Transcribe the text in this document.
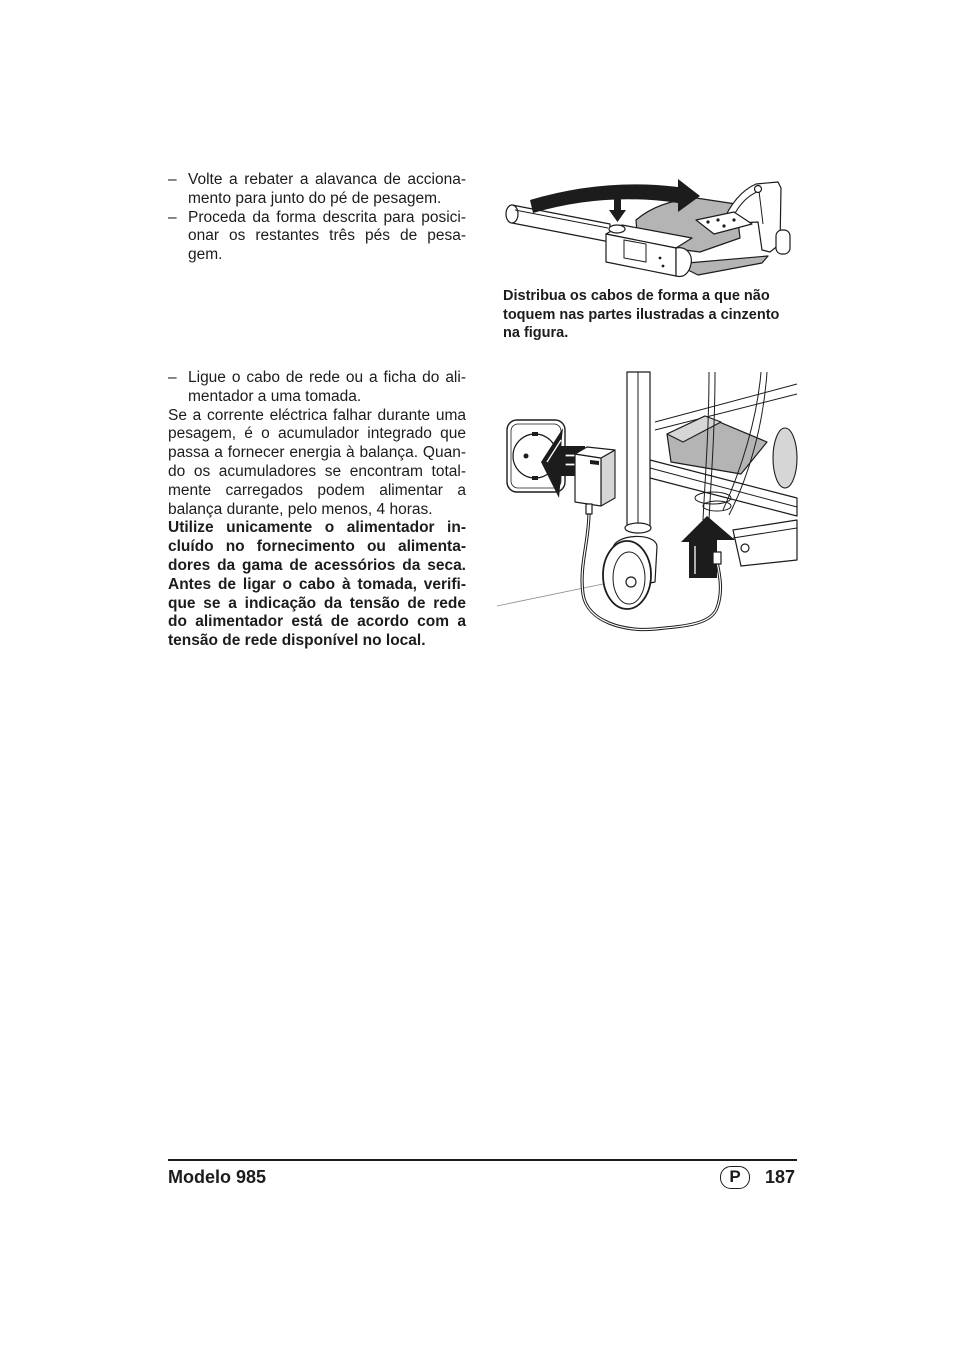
– Volte a rebater a alavanca de acciona-
mento para junto do pé de pesagem.
– Proceda da forma descrita para posici-
onar os restantes três pés de pesa-
gem.
Distribua os cabos de forma a que não
toquem nas partes ilustradas a cinzento
na figura.
– Ligue o cabo de rede ou a ficha do ali-
mentador a uma tomada.
Se a corrente eléctrica falhar durante uma
pesagem, é o acumulador integrado que
passa a fornecer energia à balança. Quan-
do os acumuladores se encontram total-
mente carregados podem alimentar a
balança durante, pelo menos, 4 horas.
Utilize unicamente o alimentador in-
cluído no fornecimento ou alimenta-
dores da gama de acessórios da seca.
Antes de ligar o cabo à tomada, verifi-
que se a indicação da tensão de rede
do alimentador está de acordo com a
tensão de rede disponível no local.
Modelo 985	P	187
